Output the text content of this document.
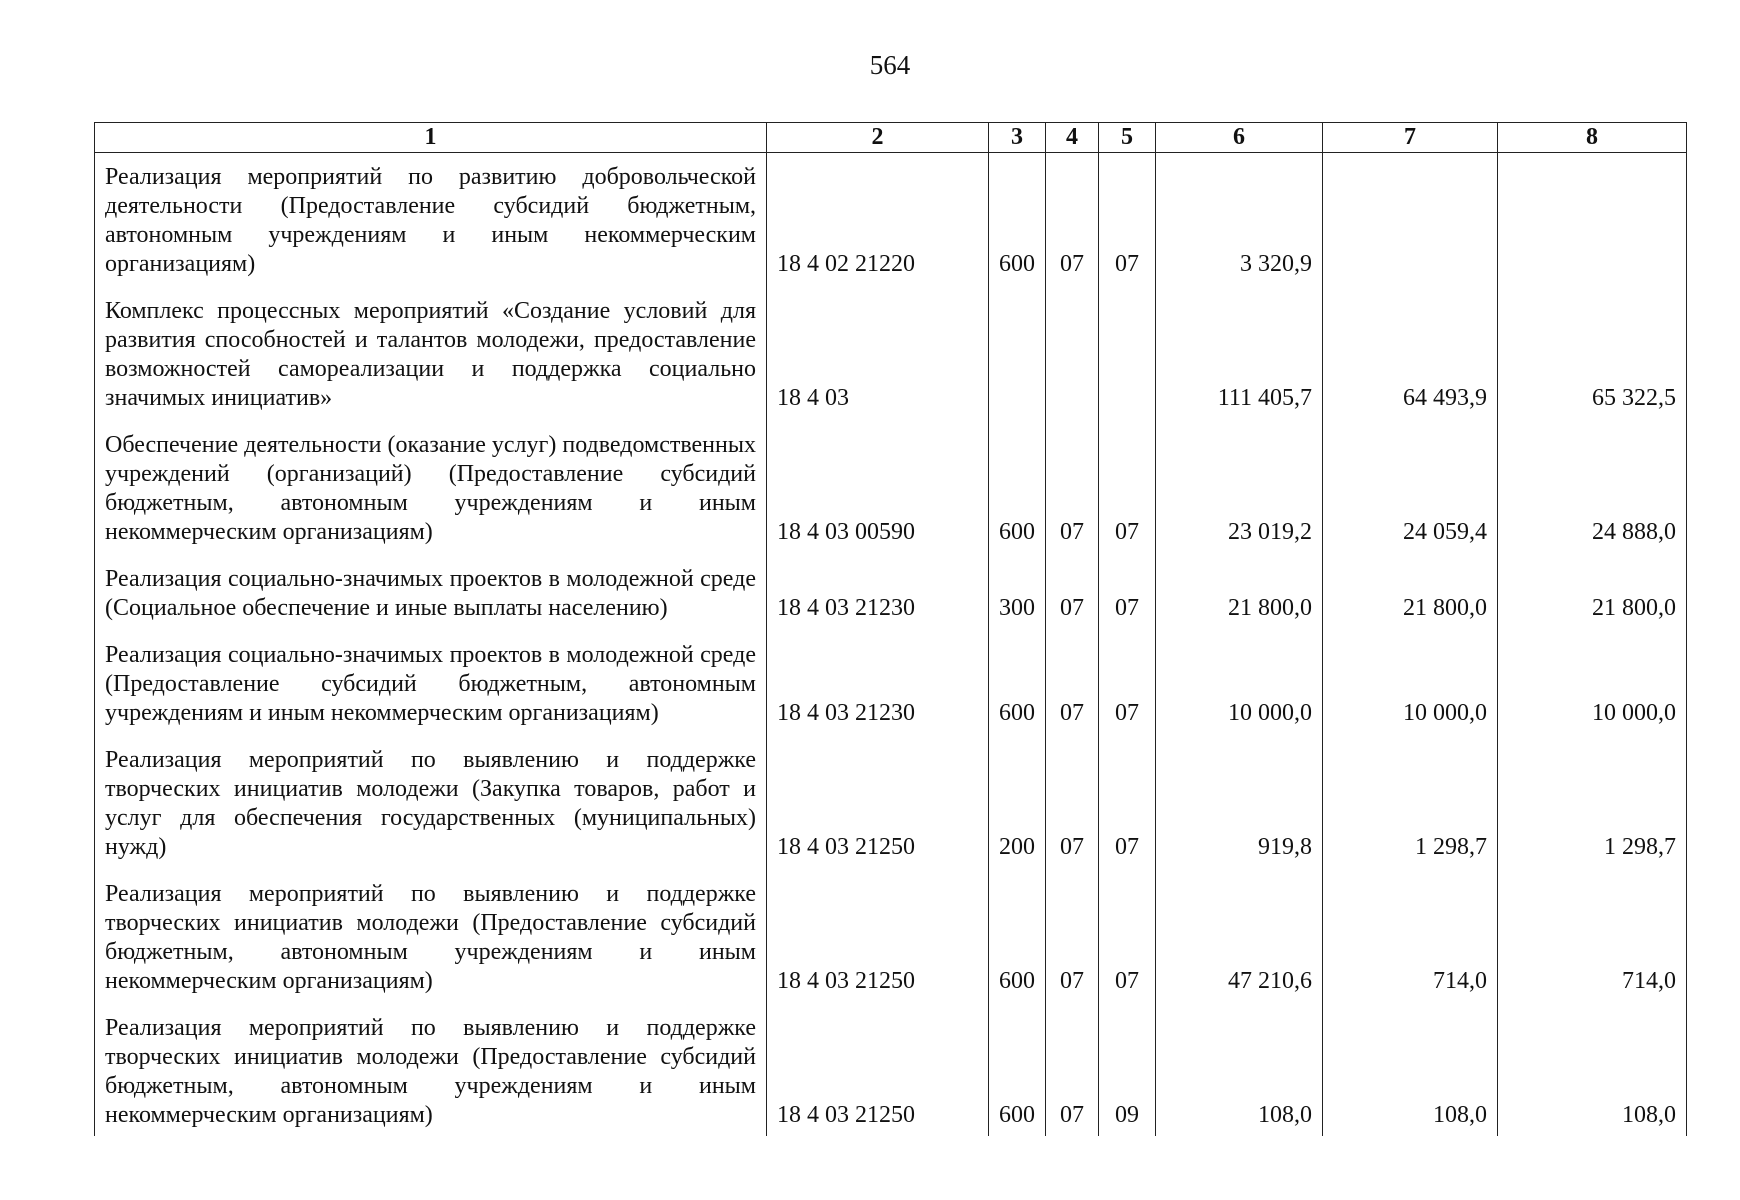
564
1	2	3	4	5	6	7	8
Реализация мероприятий по развитию добровольческой деятельности (Предоставление субсидий бюджетным, автономным учреждениям и иным некоммерческим организациям)	18 4 02 21220	600	07	07	3 320,9		
Комплекс процессных мероприятий «Создание условий для развития способностей и талантов молодежи, предоставление возможностей самореализации и поддержка социально значимых инициатив»	18 4 03				111 405,7	64 493,9	65 322,5
Обеспечение деятельности (оказание услуг) подведомственных учреждений (организаций) (Предоставление субсидий бюджетным, автономным учреждениям и иным некоммерческим организациям)	18 4 03 00590	600	07	07	23 019,2	24 059,4	24 888,0
Реализация социально-значимых проектов в молодежной среде (Социальное обеспечение и иные выплаты населению)	18 4 03 21230	300	07	07	21 800,0	21 800,0	21 800,0
Реализация социально-значимых проектов в молодежной среде (Предоставление субсидий бюджетным, автономным учреждениям и иным некоммерческим организациям)	18 4 03 21230	600	07	07	10 000,0	10 000,0	10 000,0
Реализация мероприятий по выявлению и поддержке творческих инициатив молодежи (Закупка товаров, работ и услуг для обеспечения государственных (муниципальных) нужд)	18 4 03 21250	200	07	07	919,8	1 298,7	1 298,7
Реализация мероприятий по выявлению и поддержке творческих инициатив молодежи (Предоставление субсидий бюджетным, автономным учреждениям и иным некоммерческим организациям)	18 4 03 21250	600	07	07	47 210,6	714,0	714,0
Реализация мероприятий по выявлению и поддержке творческих инициатив молодежи (Предоставление субсидий бюджетным, автономным учреждениям и иным некоммерческим организациям)	18 4 03 21250	600	07	09	108,0	108,0	108,0
